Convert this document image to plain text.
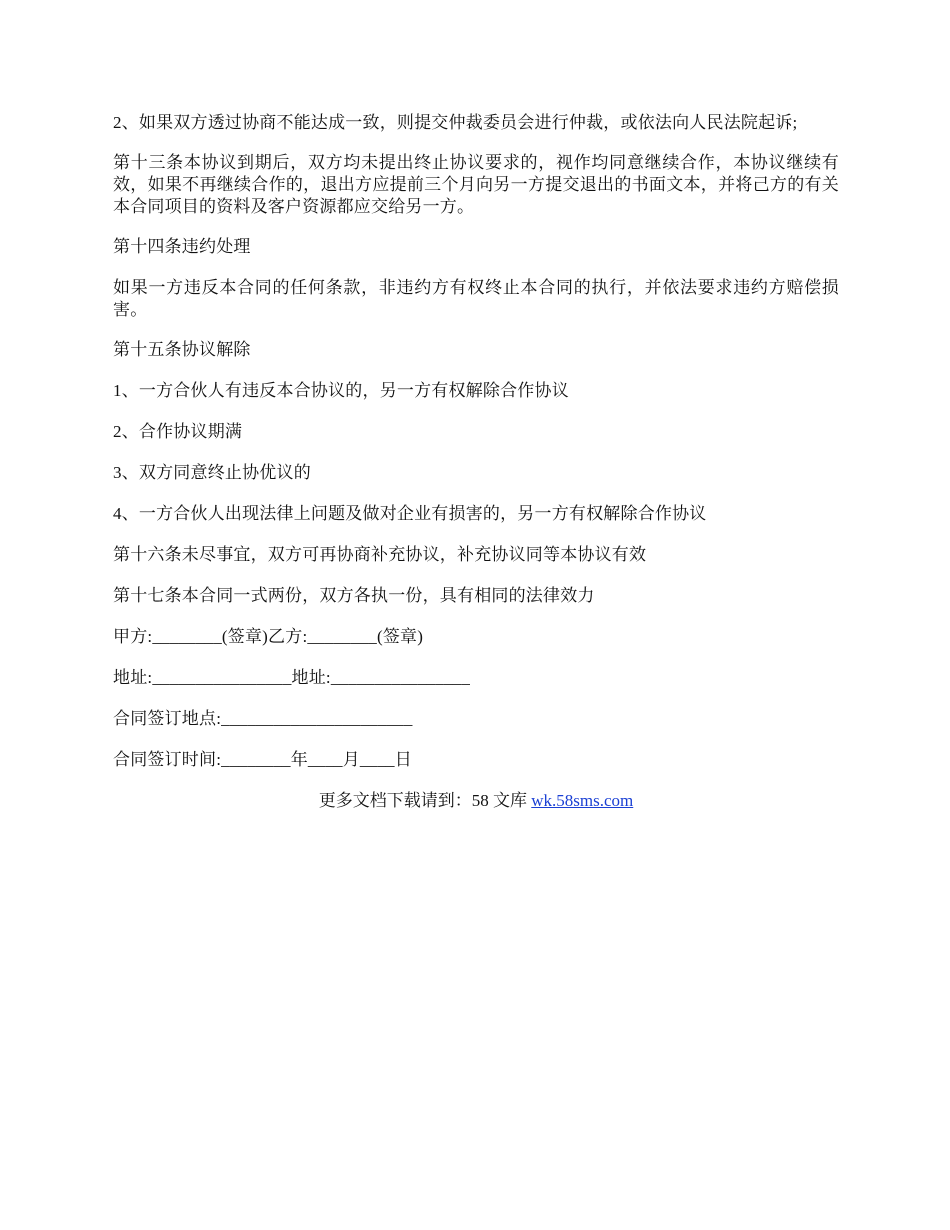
2、如果双方透过协商不能达成一致，则提交仲裁委员会进行仲裁，或依法向人民法院起诉;

第十三条本协议到期后，双方均未提出终止协议要求的，视作均同意继续合作，本协议继续有效，如果不再继续合作的，退出方应提前三个月向另一方提交退出的书面文本，并将己方的有关本合同项目的资料及客户资源都应交给另一方。

第十四条违约处理

如果一方违反本合同的任何条款，非违约方有权终止本合同的执行，并依法要求违约方赔偿损害。

第十五条协议解除

1、一方合伙人有违反本合协议的，另一方有权解除合作协议

2、合作协议期满

3、双方同意终止协优议的

4、一方合伙人出现法律上问题及做对企业有损害的，另一方有权解除合作协议

第十六条未尽事宜，双方可再协商补充协议，补充协议同等本协议有效

第十七条本合同一式两份，双方各执一份，具有相同的法律效力

甲方:________(签章)乙方:________(签章)

地址:________________地址:________________

合同签订地点:______________________

合同签订时间:________年____月____日

更多文档下载请到：58 文库 wk.58sms.com
